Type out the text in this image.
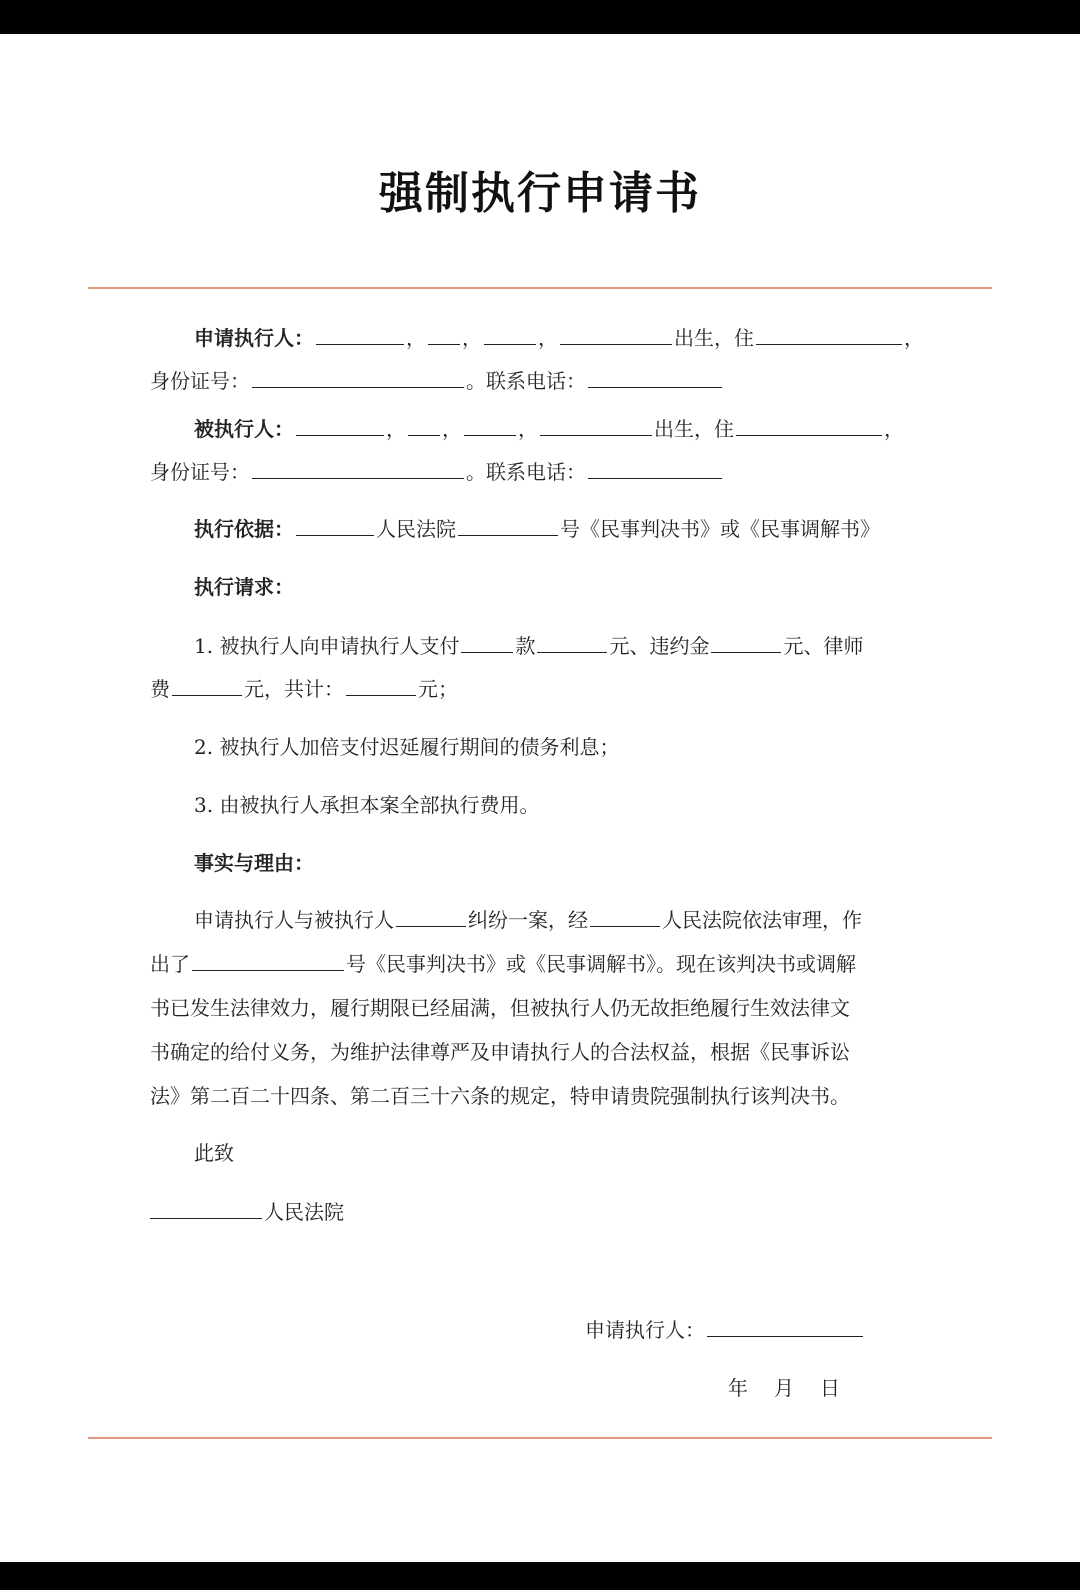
强制执行申请书
申请执行人：	， ，	，	出生，住	，
身份证号：	。联系电话：
被执行人：	， ，	，	出生，住	，
身份证号：	。联系电话：
执行依据：	人民法院	号《民事判决书》或《民事调解书》
执行请求：
1. 被执行人向申请执行人支付	款	元、违约金	元、律师
费	元，共计：	元；
2. 被执行人加倍支付迟延履行期间的债务利息；
3. 由被执行人承担本案全部执行费用。
事实与理由：
申请执行人与被执行人	纠纷一案，经	人民法院依法审理，作
出了	号《民事判决书》或《民事调解书》。现在该判决书或调解
书已发生法律效力，履行期限已经届满，但被执行人仍无故拒绝履行生效法律文
书确定的给付义务，为维护法律尊严及申请执行人的合法权益，根据《民事诉讼
法》第二百二十四条、第二百三十六条的规定，特申请贵院强制执行该判决书。
此致
人民法院
申请执行人：
年 月 日
